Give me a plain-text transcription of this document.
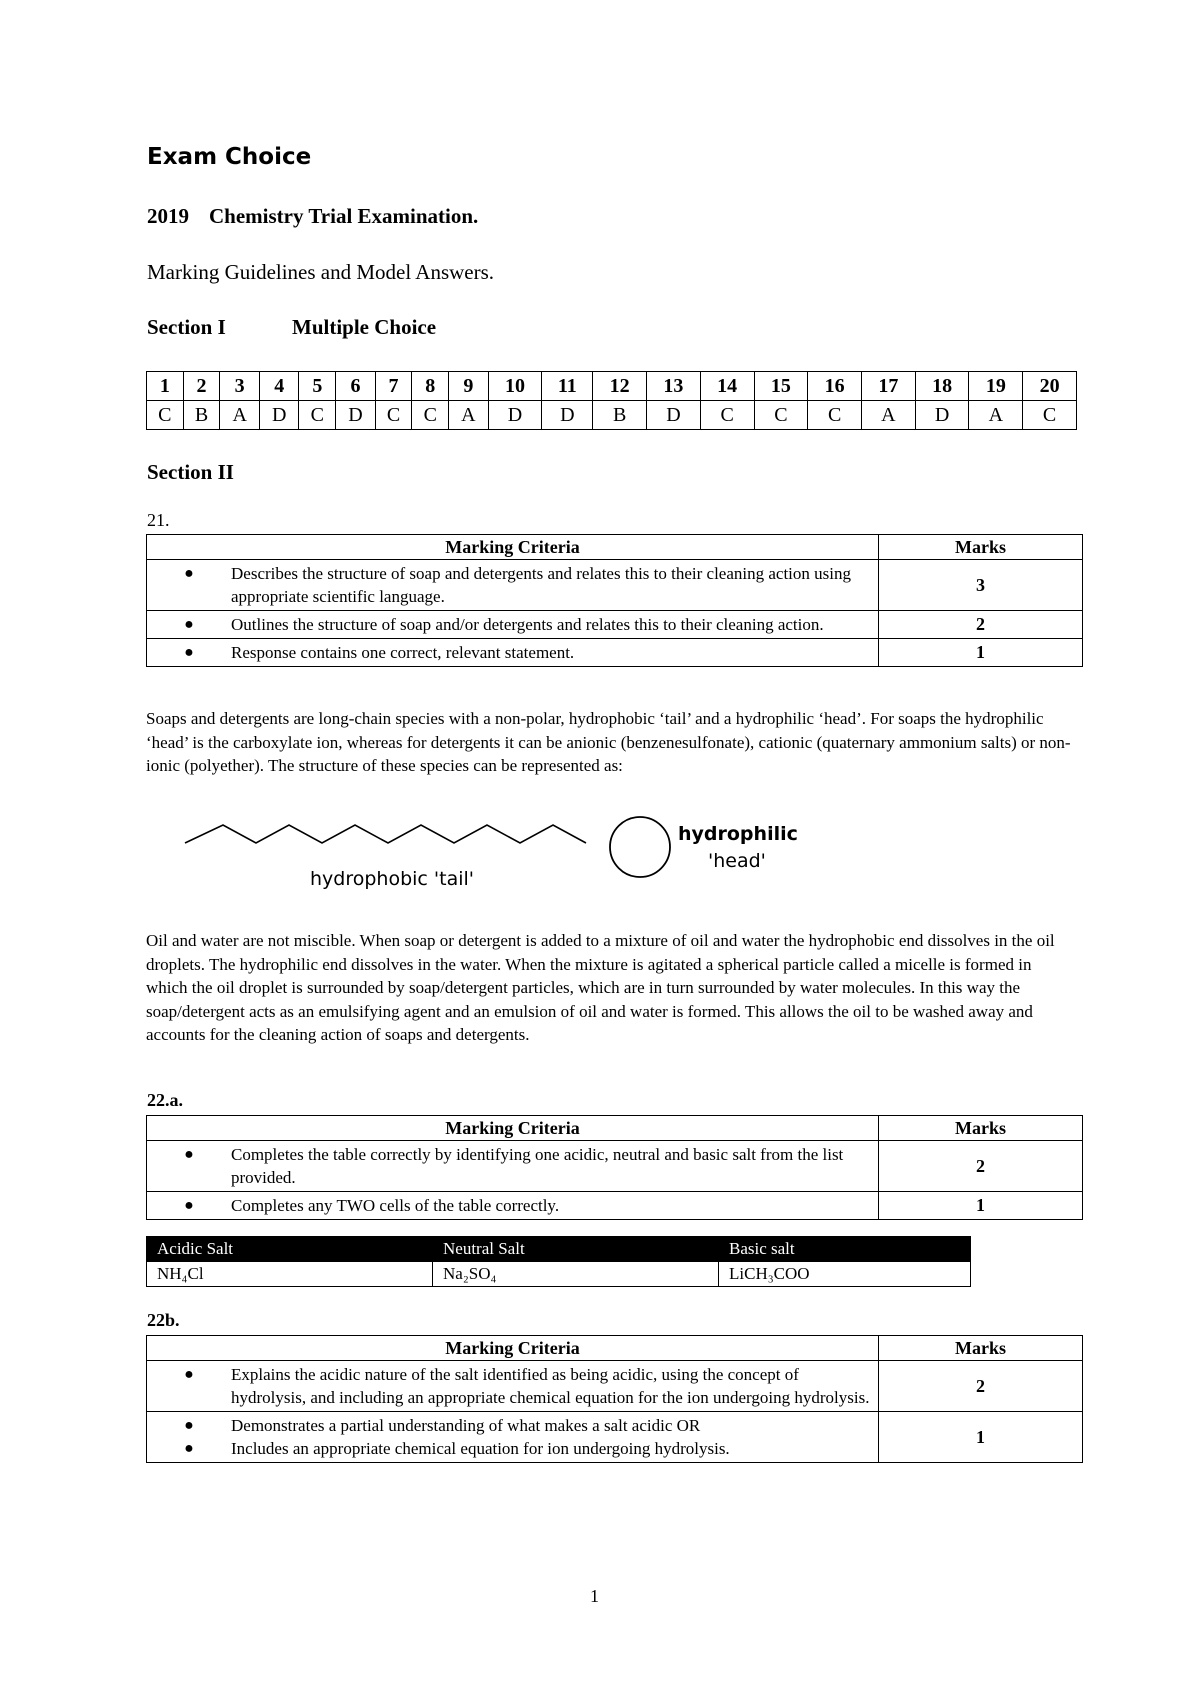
Exam Choice
2019 Chemistry Trial Examination.
Marking Guidelines and Model Answers.
Section I	Multiple Choice
1	2	3	4	5	6	7	8	9	10	11	12	13	14	15	16	17	18	19	20
C	B	A	D	C	D	C	C	A	D	D	B	D	C	C	C	A	D	A	C
Section II
21.
Marking Criteria	Marks

● Describes the structure of soap and detergents and relates this to their cleaning action using appropriate scientific language.	3

● Outlines the structure of soap and/or detergents and relates this to their cleaning action.	2

● Response contains one correct, relevant statement.	1
Soaps and detergents are long-chain species with a non-polar, hydrophobic ‘tail’ and a hydrophilic ‘head’. For soaps the hydrophilic ‘head’ is the carboxylate ion, whereas for detergents it can be anionic (benzenesulfonate), cationic (quaternary ammonium salts) or non-ionic (polyether). The structure of these species can be represented as:
hydrophobic 'tail'
hydrophilic
'head'
Oil and water are not miscible. When soap or detergent is added to a mixture of oil and water the hydrophobic end dissolves in the oil droplets. The hydrophilic end dissolves in the water. When the mixture is agitated a spherical particle called a micelle is formed in which the oil droplet is surrounded by soap/detergent particles, which are in turn surrounded by water molecules. In this way the soap/detergent acts as an emulsifying agent and an emulsion of oil and water is formed. This allows the oil to be washed away and accounts for the cleaning action of soaps and detergents.
22.a.
Marking Criteria	Marks

● Completes the table correctly by identifying one acidic, neutral and basic salt from the list provided.	2

● Completes any TWO cells of the table correctly.	1
Acidic Salt	Neutral Salt	Basic salt
NH₄Cl	Na₂SO₄	LiCH₃COO
22b.
Marking Criteria	Marks

● Explains the acidic nature of the salt identified as being acidic, using the concept of hydrolysis, and including an appropriate chemical equation for the ion undergoing hydrolysis.	2

● Demonstrates a partial understanding of what makes a salt acidic OR
● Includes an appropriate chemical equation for ion undergoing hydrolysis.	1
1
